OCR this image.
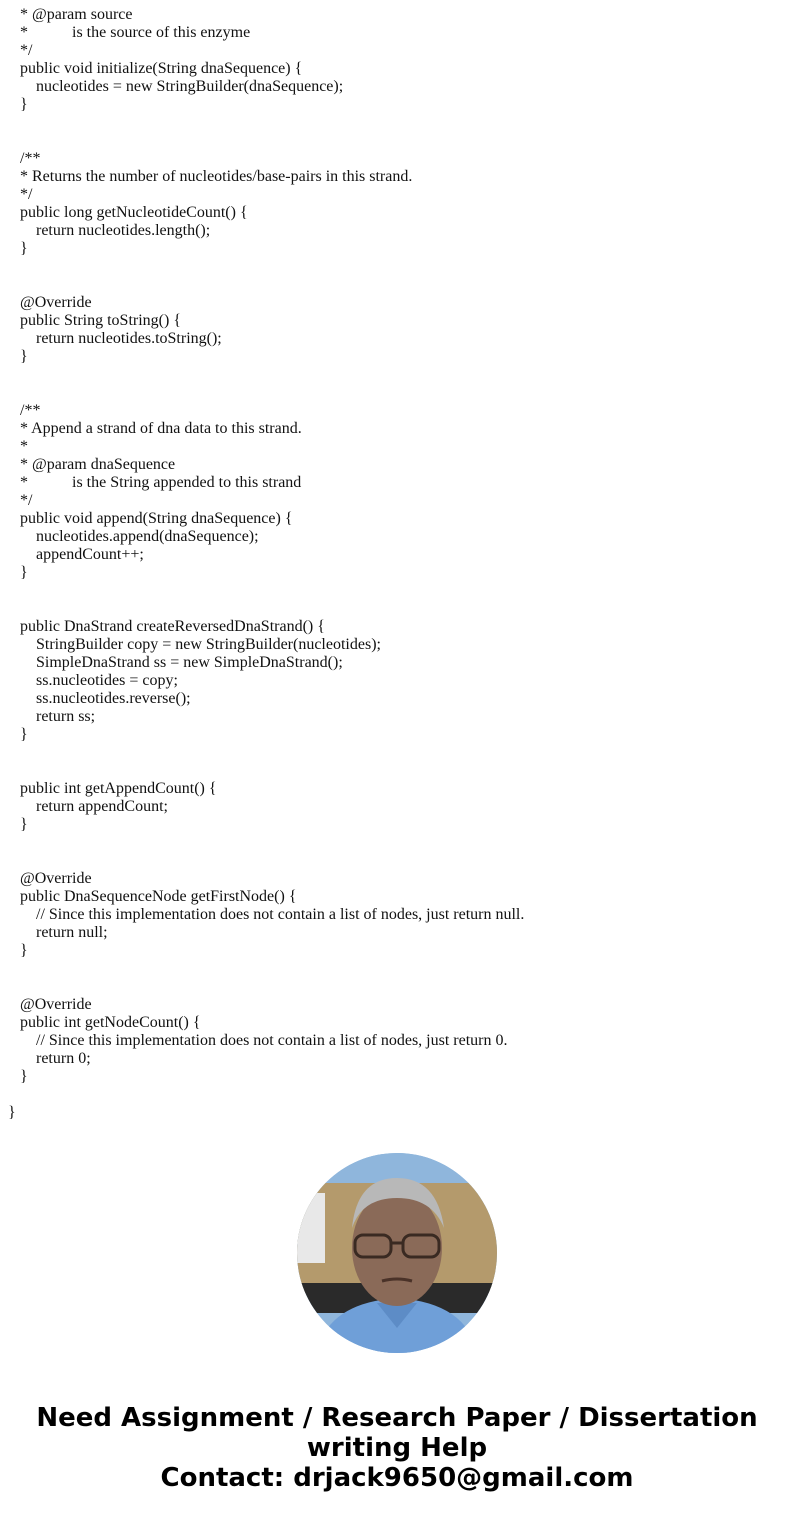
* @param source
*           is the source of this enzyme
*/
public void initialize(String dnaSequence) {
nucleotides = new StringBuilder(dnaSequence);
}
/**
* Returns the number of nucleotides/base-pairs in this strand.
*/
public long getNucleotideCount() {
return nucleotides.length();
}
@Override
public String toString() {
return nucleotides.toString();
}
/**
* Append a strand of dna data to this strand.
*
* @param dnaSequence
*           is the String appended to this strand
*/
public void append(String dnaSequence) {
nucleotides.append(dnaSequence);
appendCount++;
}
public DnaStrand createReversedDnaStrand() {
StringBuilder copy = new StringBuilder(nucleotides);
SimpleDnaStrand ss = new SimpleDnaStrand();
ss.nucleotides = copy;
ss.nucleotides.reverse();
return ss;
}
public int getAppendCount() {
return appendCount;
}
@Override
public DnaSequenceNode getFirstNode() {
// Since this implementation does not contain a list of nodes, just return null.
return null;
}
@Override
public int getNodeCount() {
// Since this implementation does not contain a list of nodes, just return 0.
return 0;
}
}
Need Assignment / Research Paper / Dissertation
writing Help
Contact: drjack9650@gmail.com
